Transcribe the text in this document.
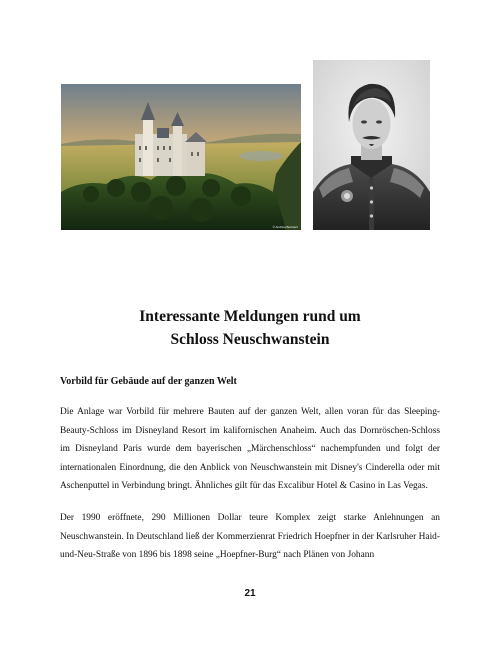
© Andrzej Bochacz
Interessante Meldungen rund um
Schloss Neuschwanstein
Vorbild für Gebäude auf der ganzen Welt

Die Anlage war Vorbild für mehrere Bauten auf der ganzen Welt, allen voran für das Sleeping-Beauty-Schloss im Disneyland Resort im kalifornischen Anaheim. Auch das Dornröschen-Schloss im Disneyland Paris wurde dem bayerischen „Märchenschloss“ nachempfunden und folgt der internationalen Einordnung, die den Anblick von Neuschwanstein mit Disney's Cinderella oder mit Aschenputtel in Verbindung bringt. Ähnliches gilt für das Excalibur Hotel & Casino in Las Vegas.

Der 1990 eröffnete, 290 Millionen Dollar teure Komplex zeigt starke Anlehnungen an Neuschwanstein. In Deutschland ließ der Kommerzienrat Friedrich Hoepfner in der Karlsruher Haid-und-Neu-Straße von 1896 bis 1898 seine „Hoepfner-Burg“ nach Plänen von Johann

21
